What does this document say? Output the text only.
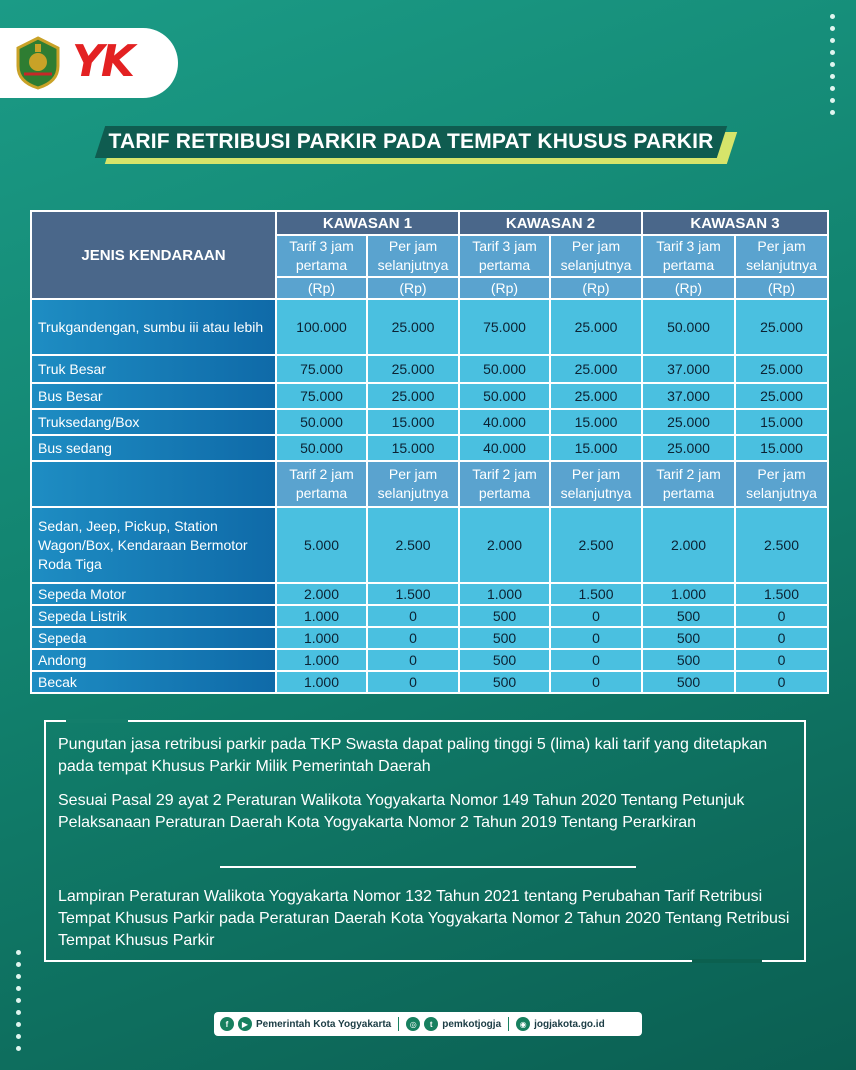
YK
TARIF RETRIBUSI PARKIR PADA TEMPAT KHUSUS PARKIR
JENIS KENDARAAN	KAWASAN 1		KAWASAN 2		KAWASAN 3	
	Tarif 3 jam pertama	Per jam selanjutnya	Tarif 3 jam pertama	Per jam selanjutnya	Tarif 3 jam pertama	Per jam selanjutnya
	(Rp)	(Rp)	(Rp)	(Rp)	(Rp)	(Rp)
Trukgandengan, sumbu iii atau lebih	100.000	25.000	75.000	25.000	50.000	25.000
Truk Besar	75.000	25.000	50.000	25.000	37.000	25.000
Bus Besar	75.000	25.000	50.000	25.000	37.000	25.000
Truksedang/Box	50.000	15.000	40.000	15.000	25.000	15.000
Bus sedang	50.000	15.000	40.000	15.000	25.000	15.000
	Tarif 2 jam pertama	Per jam selanjutnya	Tarif 2 jam pertama	Per jam selanjutnya	Tarif 2 jam pertama	Per jam selanjutnya
Sedan, Jeep, Pickup, Station Wagon/Box, Kendaraan Bermotor Roda Tiga	5.000	2.500	2.000	2.500	2.000	2.500
Sepeda Motor	2.000	1.500	1.000	1.500	1.000	1.500
Sepeda Listrik	1.000	0	500	0	500	0
Sepeda	1.000	0	500	0	500	0
Andong	1.000	0	500	0	500	0
Becak	1.000	0	500	0	500	0
Pungutan jasa retribusi parkir pada TKP Swasta dapat paling tinggi 5 (lima) kali tarif yang ditetapkan pada tempat Khusus Parkir Milik Pemerintah Daerah
Sesuai Pasal 29 ayat 2 Peraturan Walikota Yogyakarta Nomor 149 Tahun 2020 Tentang Petunjuk Pelaksanaan Peraturan Daerah Kota Yogyakarta Nomor 2 Tahun 2019 Tentang Perarkiran
Lampiran Peraturan Walikota Yogyakarta Nomor 132 Tahun 2021 tentang Perubahan Tarif Retribusi Tempat Khusus Parkir pada Peraturan Daerah Kota Yogyakarta Nomor 2 Tahun 2020 Tentang Retribusi Tempat Khusus Parkir
f	▶ Pemerintah Kota Yogyakarta	◎	t pemkotjogja	◉ jogjakota.go.id
